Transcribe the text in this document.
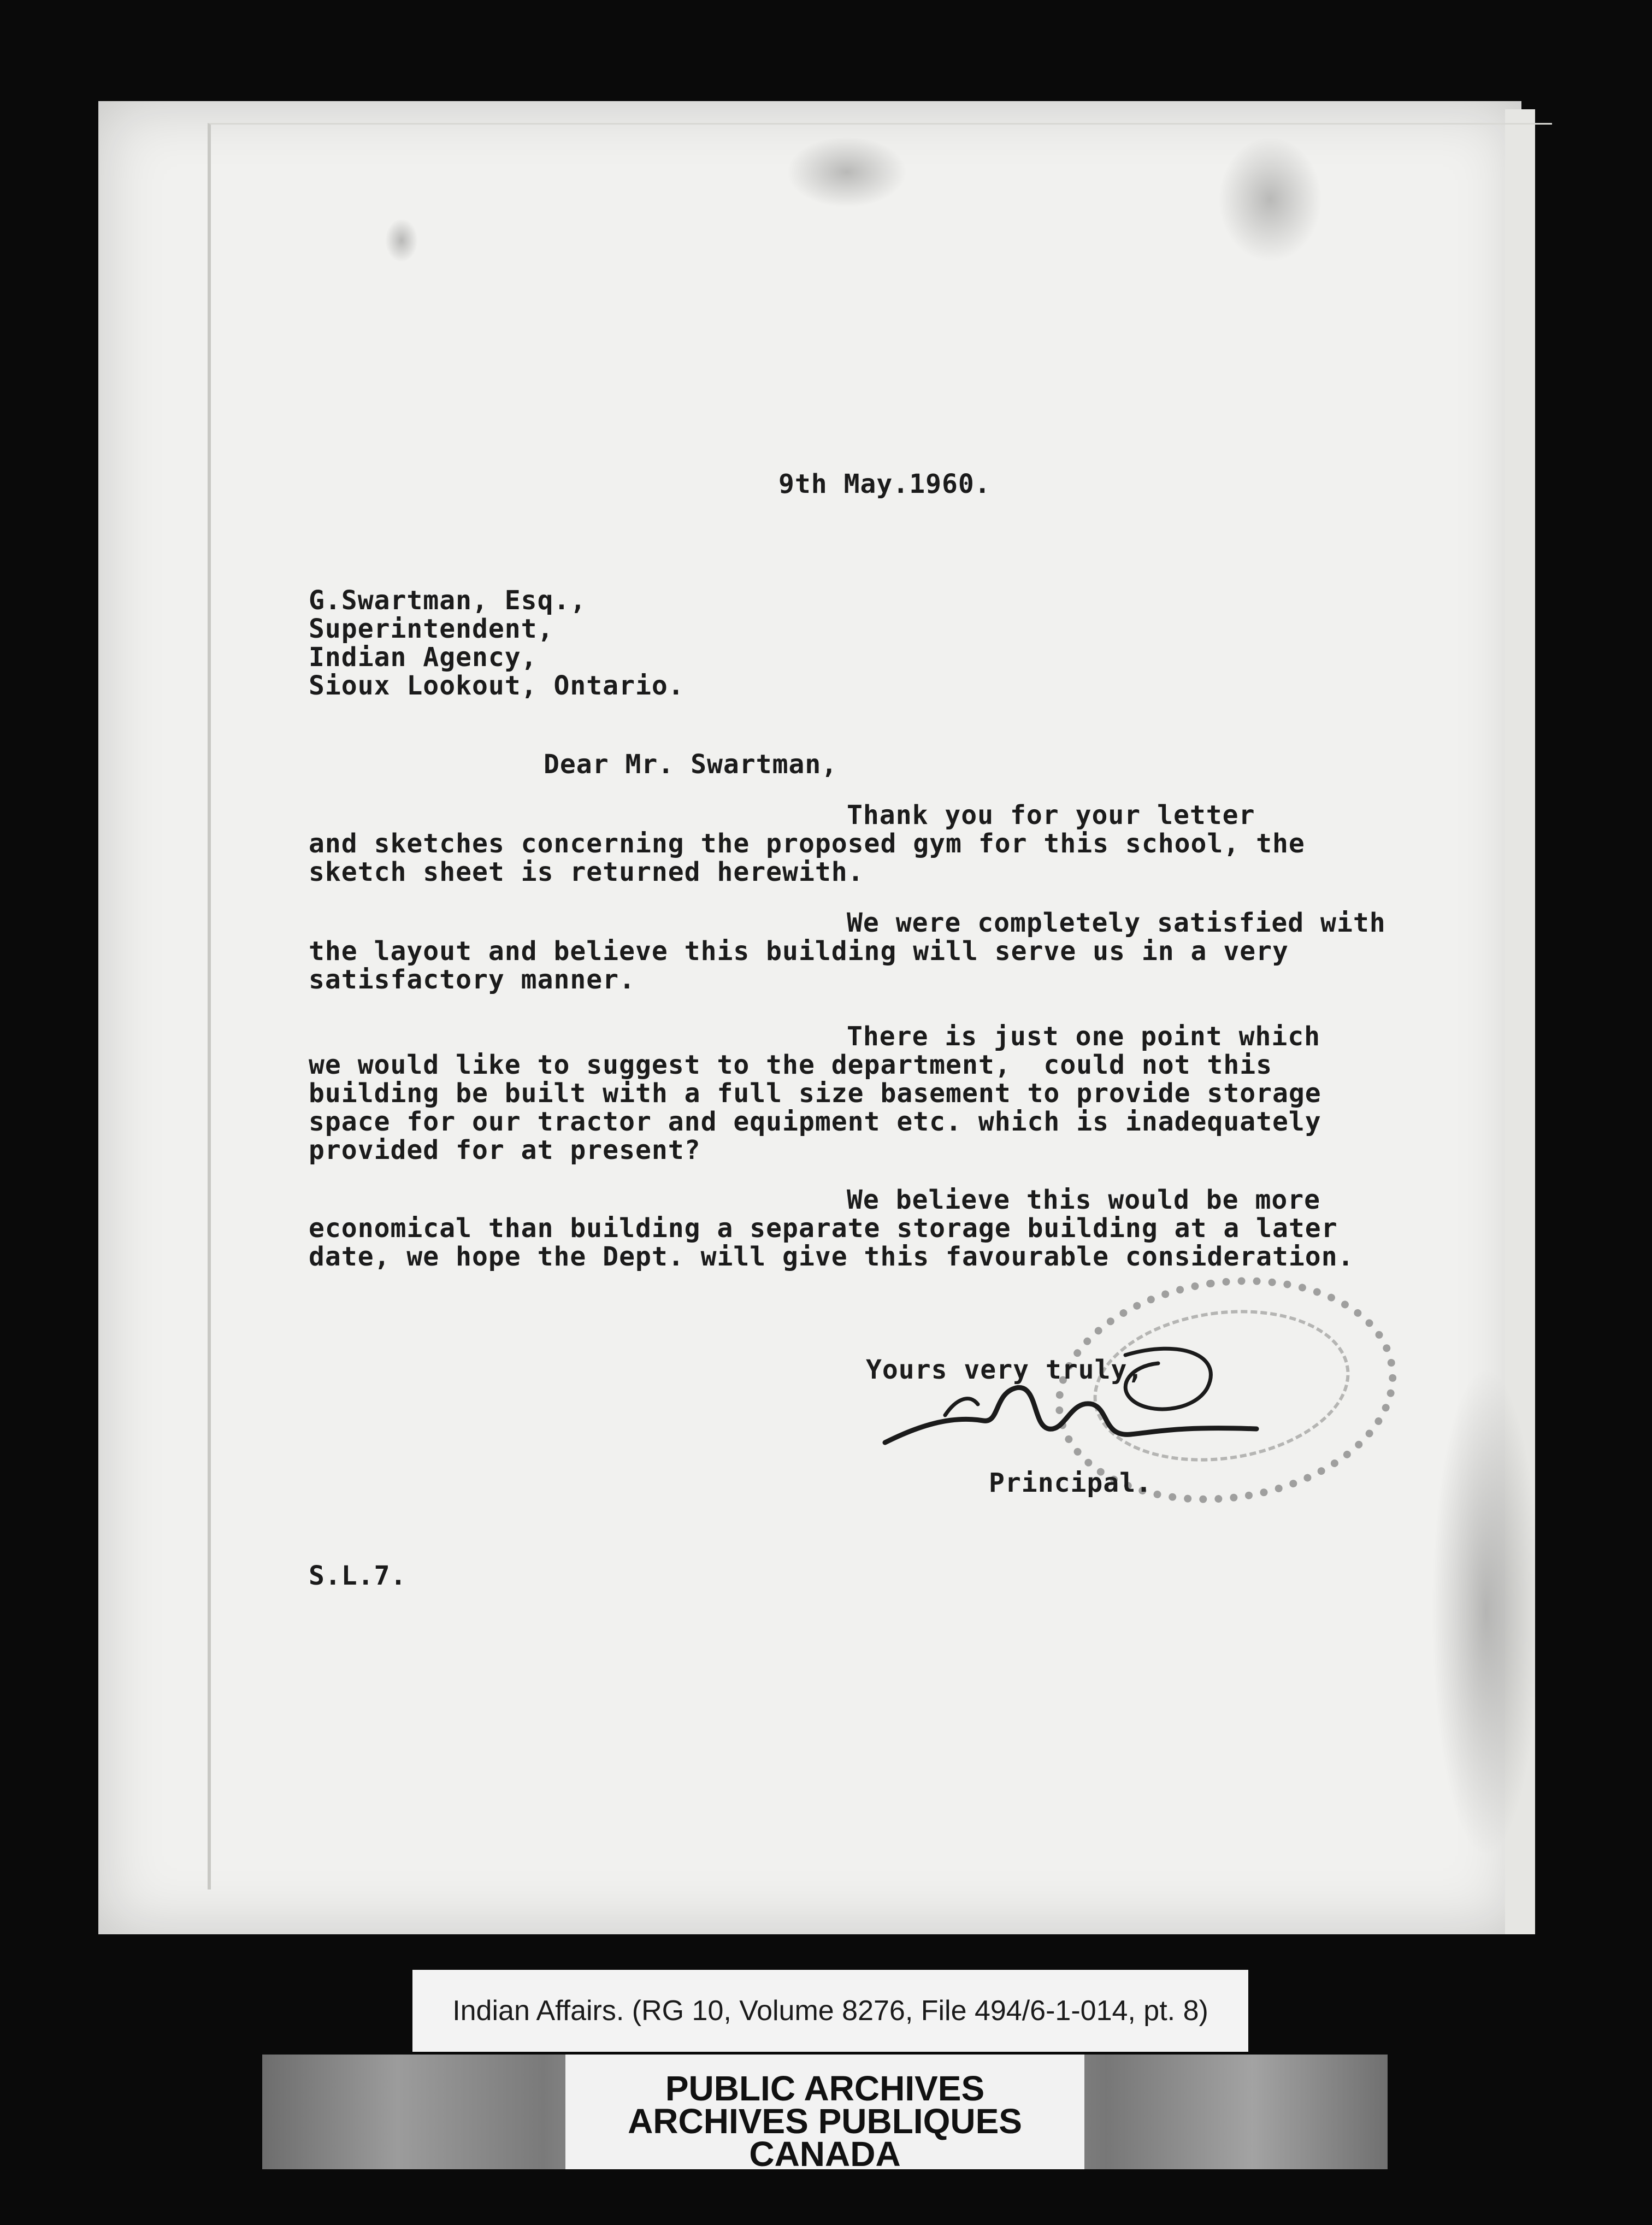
9th May.1960.
G.Swartman, Esq.,
Superintendent,
Indian Agency,
Sioux Lookout, Ontario.
Dear Mr. Swartman,
Thank you for your letter
and sketches concerning the proposed gym for this school, the
sketch sheet is returned herewith.
We were completely satisfied with
the layout and believe this building will serve us in a very
satisfactory manner.
There is just one point which
we would like to suggest to the department,  could not this
building be built with a full size basement to provide storage
space for our tractor and equipment etc. which is inadequately
provided for at present?
We believe this would be more
economical than building a separate storage building at a later
date, we hope the Dept. will give this favourable consideration.
Yours very truly,
Principal.
S.L.7.
Indian Affairs. (RG 10, Volume 8276, File 494/6-1-014, pt. 8)
PUBLIC ARCHIVES
ARCHIVES PUBLIQUES
CANADA
